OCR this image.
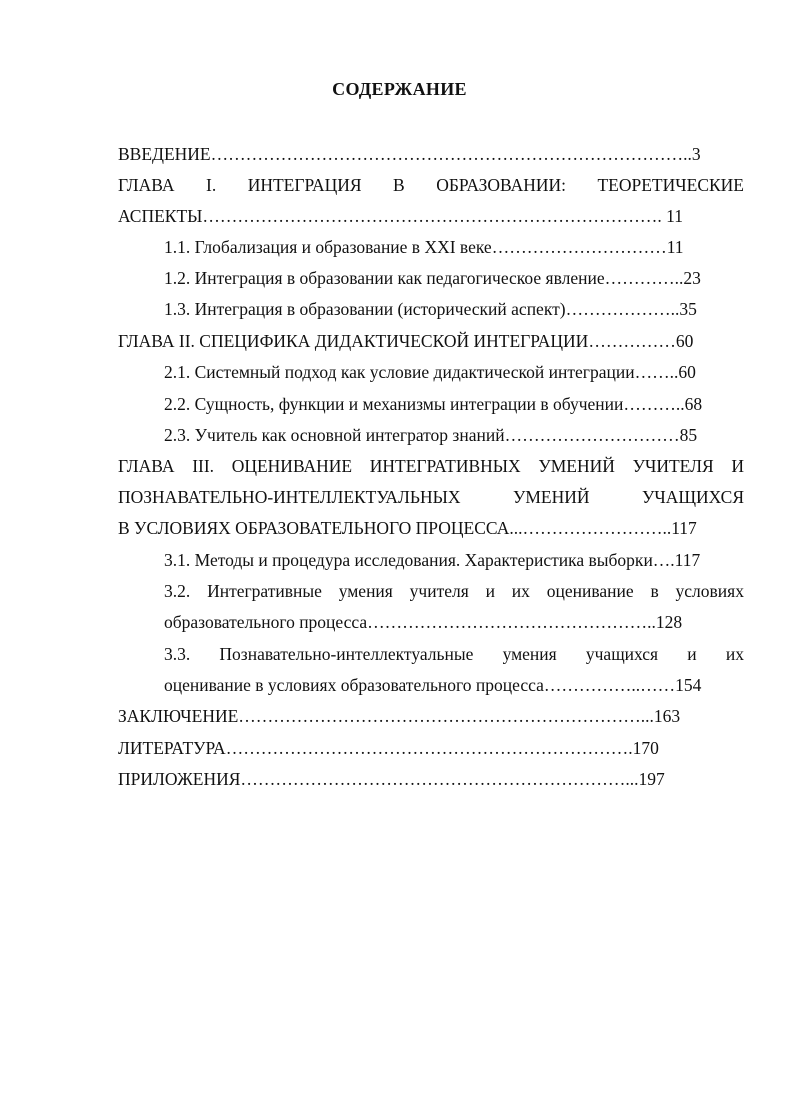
СОДЕРЖАНИЕ
ВВЕДЕНИЕ………………………………………………………………………..3
ГЛАВА I. ИНТЕГРАЦИЯ В ОБРАЗОВАНИИ: ТЕОРЕТИЧЕСКИЕ
АСПЕКТЫ……………………………………………………………………. 11
1.1. Глобализация и образование в XXI веке…………………………11
1.2. Интеграция в образовании как педагогическое явление…………..23
1.3. Интеграция в образовании (исторический аспект)………………..35
ГЛАВА II. СПЕЦИФИКА ДИДАКТИЧЕСКОЙ ИНТЕГРАЦИИ……………60
2.1. Системный подход как условие дидактической интеграции……..60
2.2. Сущность, функции и механизмы интеграции в обучении………..68
2.3. Учитель как основной интегратор знаний…………………………85
ГЛАВА III. ОЦЕНИВАНИЕ ИНТЕГРАТИВНЫХ УМЕНИЙ УЧИТЕЛЯ И
ПОЗНАВАТЕЛЬНО-ИНТЕЛЛЕКТУАЛЬНЫХ	УМЕНИЙ	УЧАЩИХСЯ
В УСЛОВИЯХ ОБРАЗОВАТЕЛЬНОГО ПРОЦЕССА...……………………..117
3.1. Методы и процедура исследования. Характеристика выборки….117
3.2. Интегративные умения учителя и их оценивание в условиях
образовательного процесса…………………………………………..128
3.3. Познавательно-интеллектуальные умения учащихся и их
оценивание в условиях образовательного процесса……………..……154
ЗАКЛЮЧЕНИЕ……………………………………………………………...163
ЛИТЕРАТУРА…………………………………………………………….170
ПРИЛОЖЕНИЯ…………………………………………………………...197
